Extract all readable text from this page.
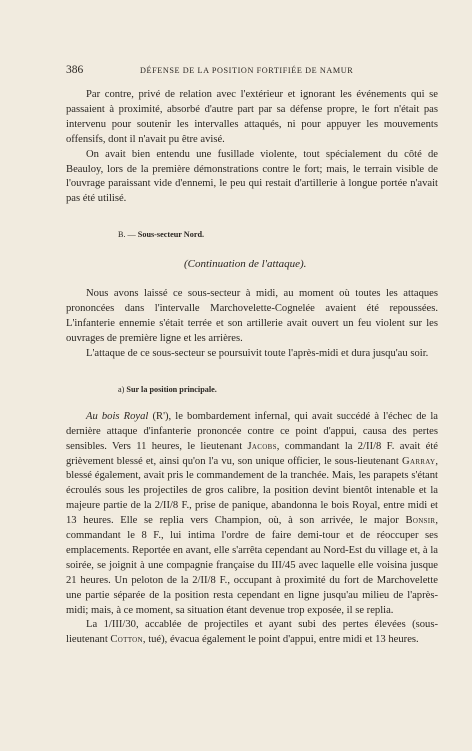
386	DÉFENSE DE LA POSITION FORTIFIÉE DE NAMUR

Par contre, privé de relation avec l'extérieur et ignorant les événements qui se passaient à proximité, absorbé d'autre part par sa défense propre, le fort n'était pas intervenu pour soutenir les intervalles attaqués, ni pour appuyer les mouvements offensifs, dont il n'avait pu être avisé.

On avait bien entendu une fusillade violente, tout spécialement du côté de Beauloy, lors de la première démonstrations contre le fort; mais, le terrain visible de l'ouvrage paraissant vide d'ennemi, le peu qui restait d'artillerie à longue portée n'avait pas été utilisé.

B. — Sous-secteur Nord.
(Continuation de l'attaque).

Nous avons laissé ce sous-secteur à midi, au moment où toutes les attaques prononcées dans l'intervalle Marchovelette-Cognelée avaient été repoussées. L'infanterie ennemie s'était terrée et son artillerie avait ouvert un feu violent sur les ouvrages de première ligne et les arrières.

L'attaque de ce sous-secteur se poursuivit toute l'après-midi et dura jusqu'au soir.

a) Sur la position principale.

Au bois Royal (R'), le bombardement infernal, qui avait succédé à l'échec de la dernière attaque d'infanterie prononcée contre ce point d'appui, causa des pertes sensibles. Vers 11 heures, le lieutenant Jacobs, commandant la 2/II/8 F. avait été grièvement blessé et, ainsi qu'on l'a vu, son unique officier, le sous-lieutenant Garray, blessé également, avait pris le commandement de la tranchée. Mais, les parapets s'étant écroulés sous les projectiles de gros calibre, la position devint bientôt intenable et la majeure partie de la 2/II/8 F., prise de panique, abandonna le bois Royal, entre midi et 13 heures. Elle se replia vers Champion, où, à son arrivée, le major Bonsir, commandant le 8 F., lui intima l'ordre de faire demi-tour et de réoccuper ses emplacements. Reportée en avant, elle s'arrêta cependant au Nord-Est du village et, à la soirée, se joignit à une compagnie française du III/45 avec laquelle elle voisina jusque 21 heures. Un peloton de la 2/II/8 F., occupant à proximité du fort de Marchovelette une partie séparée de la position resta cependant en ligne jusqu'au milieu de l'après-midi; mais, à ce moment, sa situation étant devenue trop exposée, il se replia.

La 1/III/30, accablée de projectiles et ayant subi des pertes élevées (sous-lieutenant Cotton, tué), évacua également le point d'appui, entre midi et 13 heures.
